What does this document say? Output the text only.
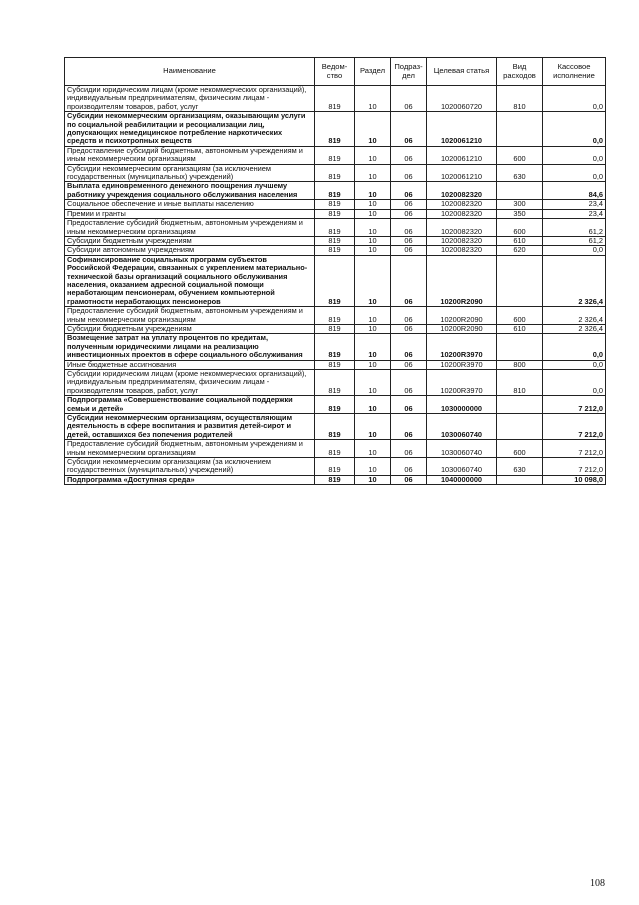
Наименование	Ведом-ство	Раздел	Подраз-дел	Целевая статья	Вид расходов	Кассовое исполнение
Субсидии юридическим лицам (кроме некоммерческих организаций), индивидуальным предпринимателям, физическим лицам - производителям товаров, работ, услуг	819	10	06	1020060720	810	0,0
Субсидии некоммерческим организациям, оказывающим услуги по социальной реабилитации и ресоциализации лиц, допускающих немедицинское потребление наркотических средств и психотропных веществ	819	10	06	1020061210		0,0
Предоставление субсидий бюджетным, автономным учреждениям и иным некоммерческим организациям	819	10	06	1020061210	600	0,0
Субсидии некоммерческим организациям (за исключением государственных (муниципальных) учреждений)	819	10	06	1020061210	630	0,0
Выплата единовременного денежного поощрения лучшему работнику учреждения социального обслуживания населения	819	10	06	1020082320		84,6
Социальное обеспечение и иные выплаты населению	819	10	06	1020082320	300	23,4
Премии и гранты	819	10	06	1020082320	350	23,4
Предоставление субсидий бюджетным, автономным учреждениям и иным некоммерческим организациям	819	10	06	1020082320	600	61,2
Субсидии бюджетным учреждениям	819	10	06	1020082320	610	61,2
Субсидии автономным учреждениям	819	10	06	1020082320	620	0,0
Софинансирование социальных программ субъектов Российской Федерации, связанных с укреплением материально-технической базы организаций социального обслуживания населения, оказанием адресной социальной помощи неработающим пенсионерам, обучением компьютерной грамотности неработающих пенсионеров	819	10	06	10200R2090		2 326,4
Предоставление субсидий бюджетным, автономным учреждениям и иным некоммерческим организациям	819	10	06	10200R2090	600	2 326,4
Субсидии бюджетным учреждениям	819	10	06	10200R2090	610	2 326,4
Возмещение затрат на уплату процентов по кредитам, полученным юридическими лицами на реализацию инвестиционных проектов в сфере социального обслуживания	819	10	06	10200R3970		0,0
Иные бюджетные ассигнования	819	10	06	10200R3970	800	0,0
Субсидии юридическим лицам (кроме некоммерческих организаций), индивидуальным предпринимателям, физическим лицам - производителям товаров, работ, услуг	819	10	06	10200R3970	810	0,0
Подпрограмма «Совершенствование социальной поддержки семьи и детей»	819	10	06	1030000000		7 212,0
Субсидии некоммерческим организациям, осуществляющим деятельность в сфере воспитания и развития детей-сирот и детей, оставшихся без попечения родителей	819	10	06	1030060740		7 212,0
Предоставление субсидий бюджетным, автономным учреждениям и иным некоммерческим организациям	819	10	06	1030060740	600	7 212,0
Субсидии некоммерческим организациям (за исключением государственных (муниципальных) учреждений)	819	10	06	1030060740	630	7 212,0
Подпрограмма «Доступная среда»	819	10	06	1040000000		10 098,0
108
